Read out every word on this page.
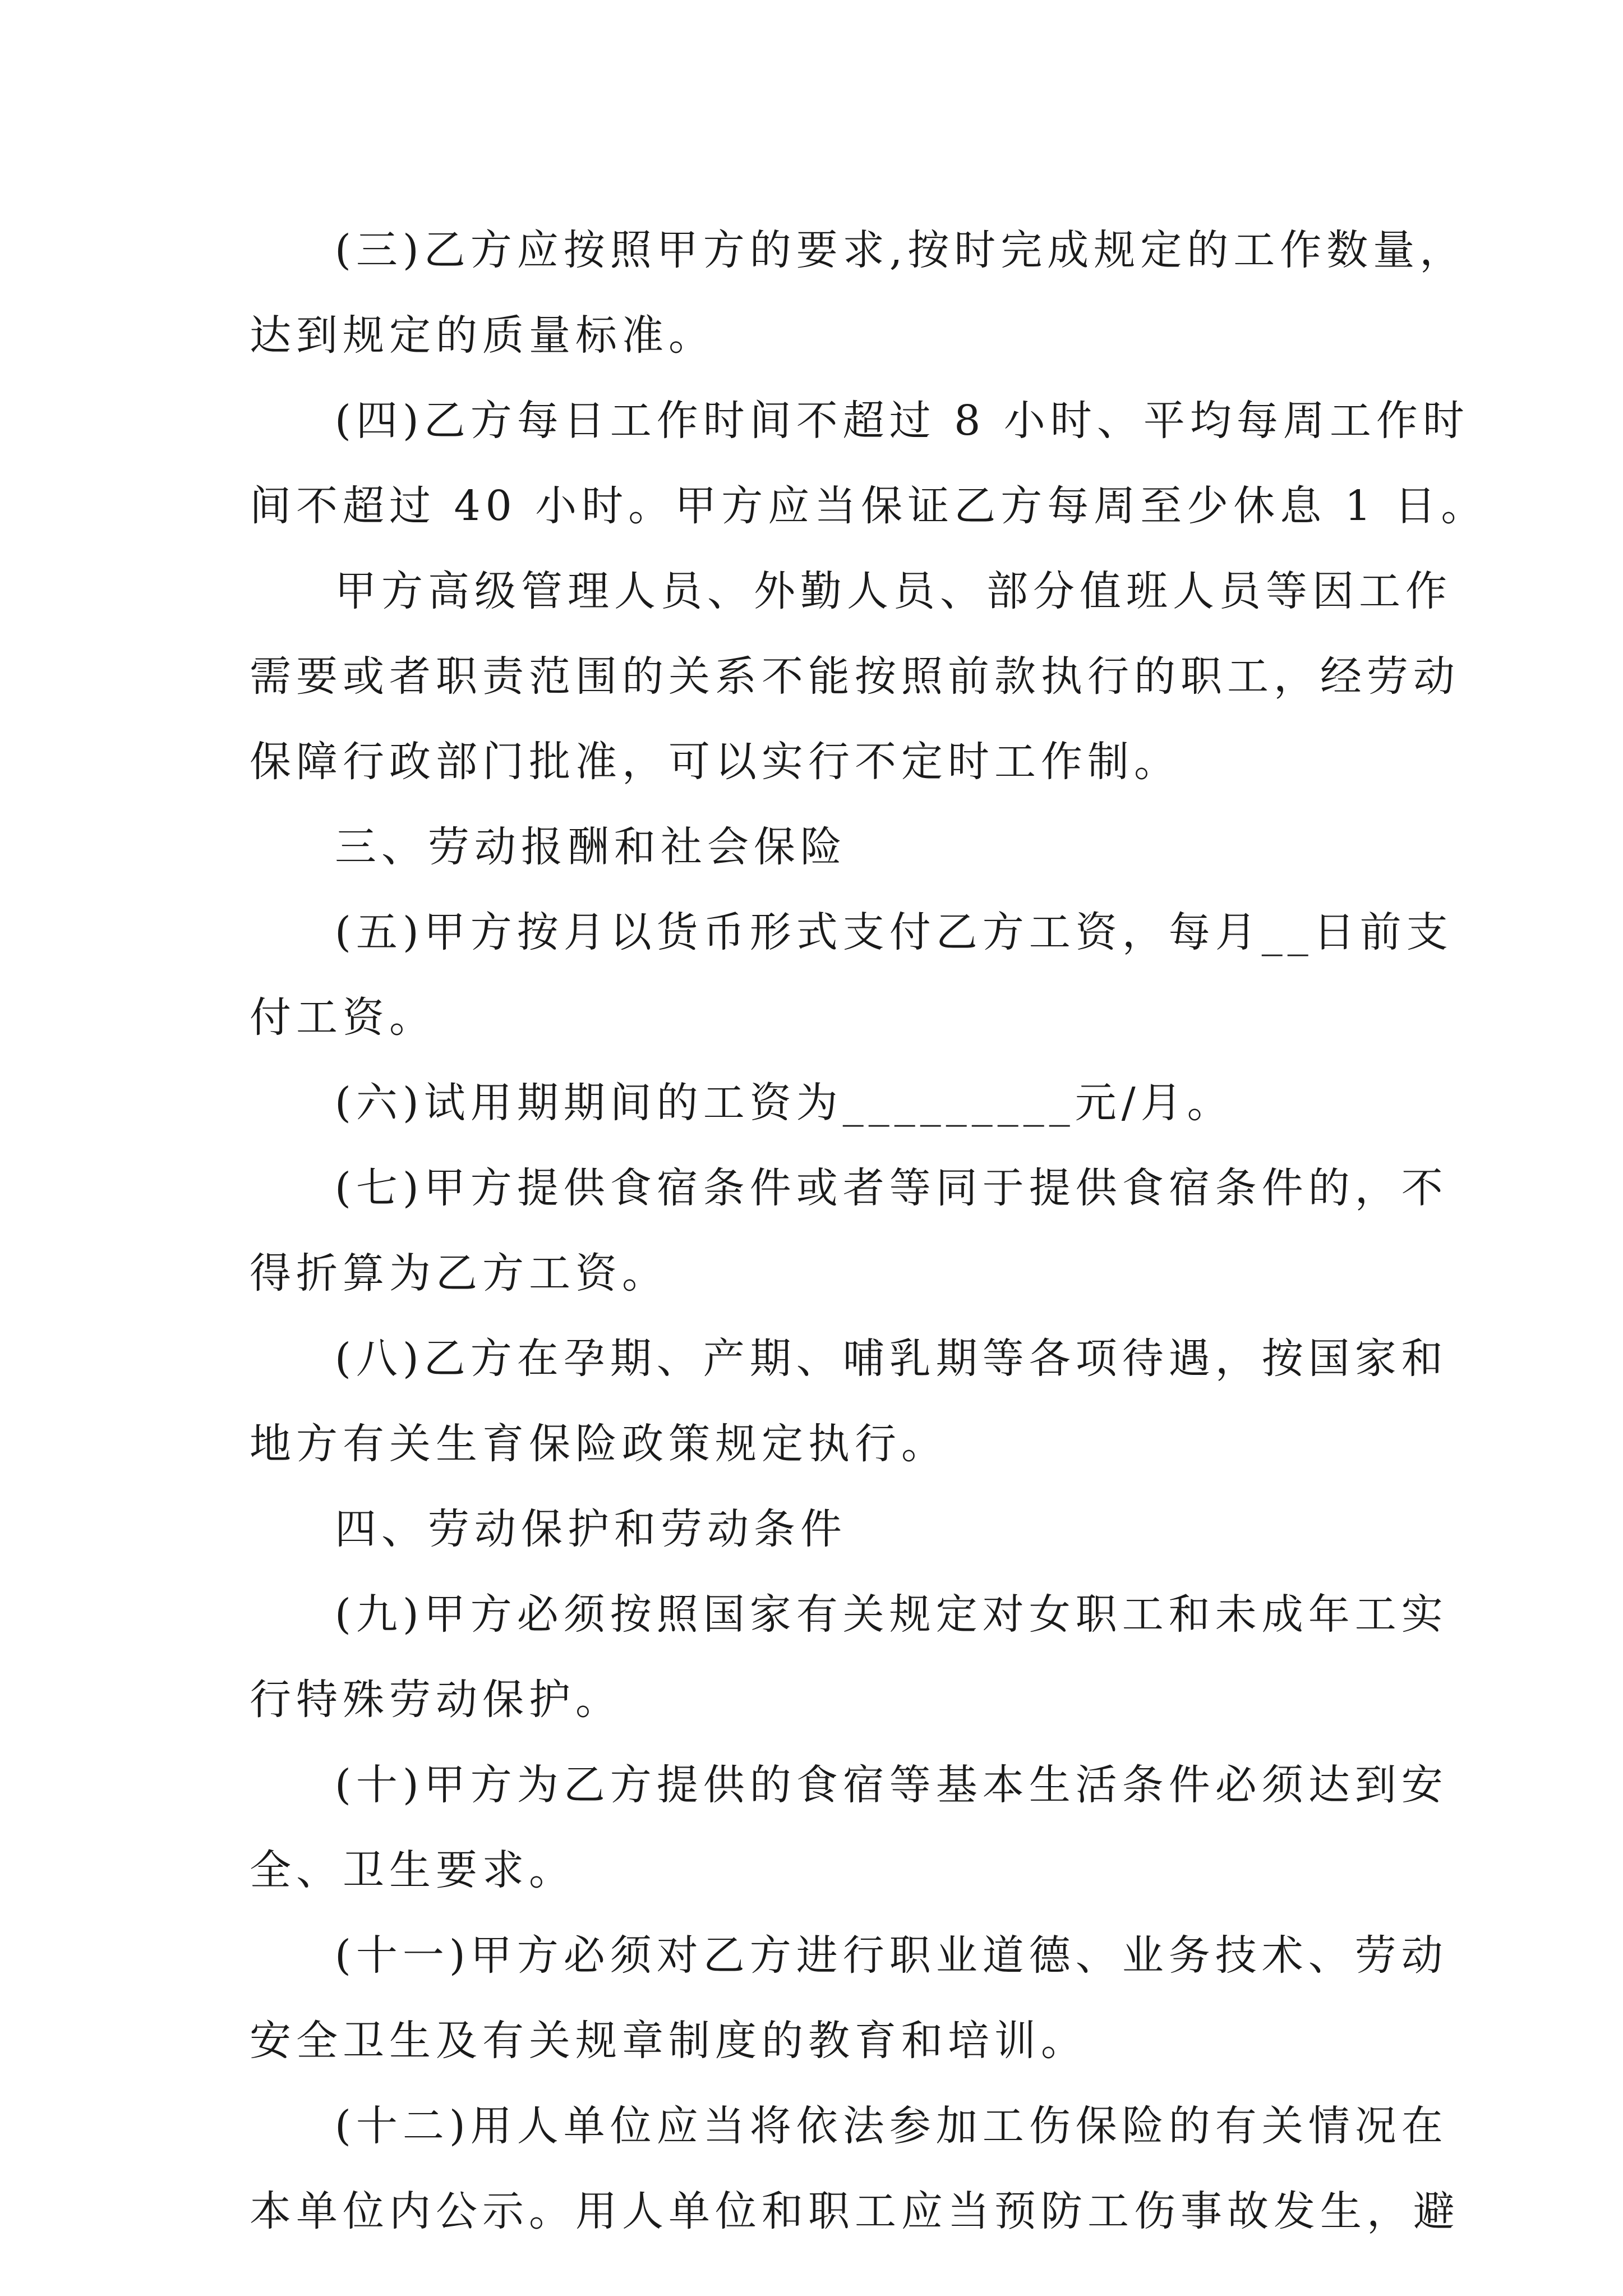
(三)乙方应按照甲方的要求,按时完成规定的工作数量，
达到规定的质量标准。
(四)乙方每日工作时间不超过 8 小时、平均每周工作时
间不超过 40 小时。甲方应当保证乙方每周至少休息 1 日。
甲方高级管理人员、外勤人员、部分值班人员等因工作
需要或者职责范围的关系不能按照前款执行的职工，经劳动
保障行政部门批准，可以实行不定时工作制。
三、劳动报酬和社会保险
(五)甲方按月以货币形式支付乙方工资，每月__日前支
付工资。
(六)试用期期间的工资为_________元/月。
(七)甲方提供食宿条件或者等同于提供食宿条件的，不
得折算为乙方工资。
(八)乙方在孕期、产期、哺乳期等各项待遇，按国家和
地方有关生育保险政策规定执行。
四、劳动保护和劳动条件
(九)甲方必须按照国家有关规定对女职工和未成年工实
行特殊劳动保护。
(十)甲方为乙方提供的食宿等基本生活条件必须达到安
全、卫生要求。
(十一)甲方必须对乙方进行职业道德、业务技术、劳动
安全卫生及有关规章制度的教育和培训。
(十二)用人单位应当将依法参加工伤保险的有关情况在
本单位内公示。用人单位和职工应当预防工伤事故发生，避
